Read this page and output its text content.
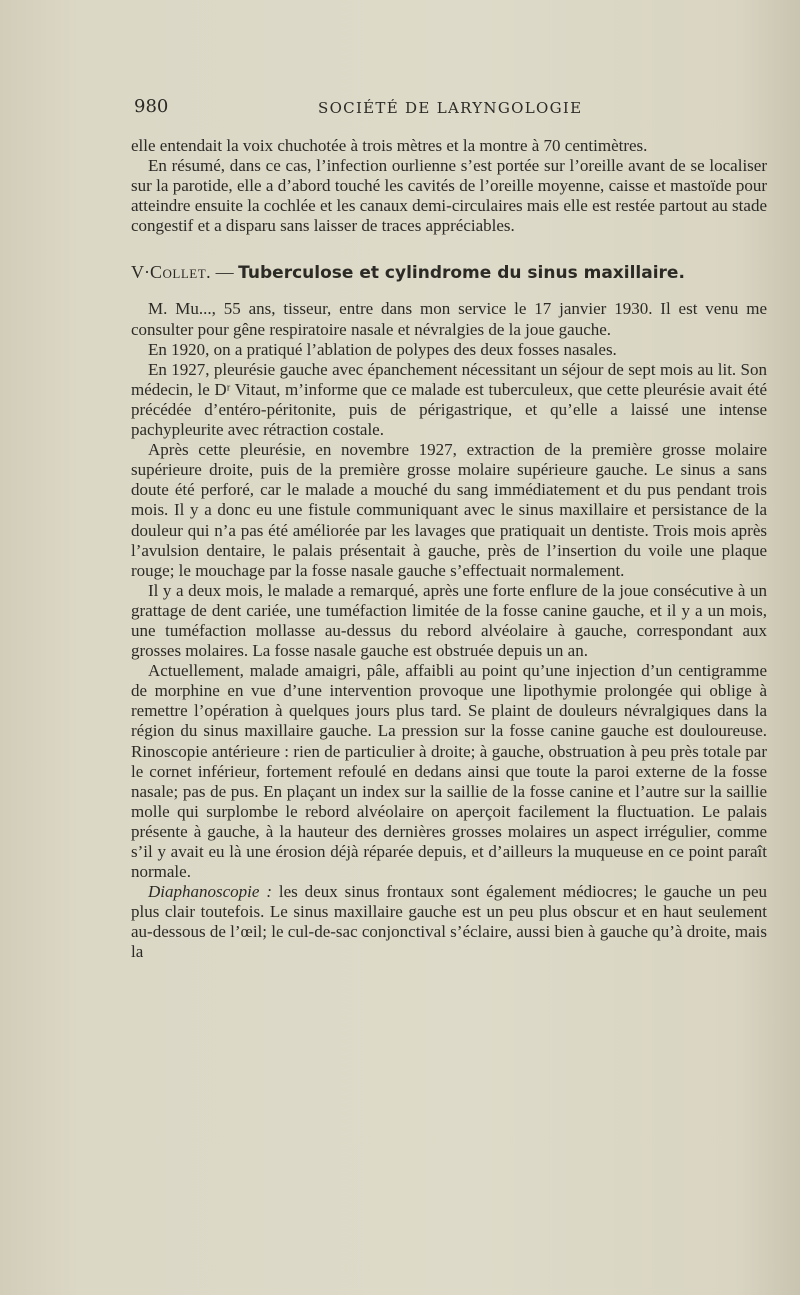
980	SOCIÉTÉ DE LARYNGOLOGIE

elle entendait la voix chuchotée à trois mètres et la montre à 70 centimètres.

En résumé, dans ce cas, l’infection ourlienne s’est portée sur l’oreille avant de se localiser sur la parotide, elle a d’abord touché les cavités de l’oreille moyenne, caisse et mastoïde pour atteindre ensuite la cochlée et les canaux demi-circulaires mais elle est restée partout au stade congestif et a disparu sans laisser de traces appréciables.

V·Collet. — Tuberculose et cylindrome du sinus maxillaire.

M. Mu..., 55 ans, tisseur, entre dans mon service le 17 janvier 1930. Il est venu me consulter pour gêne respiratoire nasale et névralgies de la joue gauche.

En 1920, on a pratiqué l’ablation de polypes des deux fosses nasales.

En 1927, pleurésie gauche avec épanchement nécessitant un séjour de sept mois au lit. Son médecin, le Dʳ Vitaut, m’informe que ce malade est tuberculeux, que cette pleurésie avait été précédée d’entéro-péritonite, puis de périgastrique, et qu’elle a laissé une intense pachypleurite avec rétraction costale.

Après cette pleurésie, en novembre 1927, extraction de la première grosse molaire supérieure droite, puis de la première grosse molaire supérieure gauche. Le sinus a sans doute été perforé, car le malade a mouché du sang immédiatement et du pus pendant trois mois. Il y a donc eu une fistule communiquant avec le sinus maxillaire et persistance de la douleur qui n’a pas été améliorée par les lavages que pratiquait un dentiste. Trois mois après l’avulsion dentaire, le palais présentait à gauche, près de l’insertion du voile une plaque rouge; le mouchage par la fosse nasale gauche s’effectuait normalement.

Il y a deux mois, le malade a remarqué, après une forte enflure de la joue consécutive à un grattage de dent cariée, une tuméfaction limitée de la fosse canine gauche, et il y a un mois, une tuméfaction mollasse au-dessus du rebord alvéolaire à gauche, correspondant aux grosses molaires. La fosse nasale gauche est obstruée depuis un an.

Actuellement, malade amaigri, pâle, affaibli au point qu’une injection d’un centigramme de morphine en vue d’une intervention provoque une lipothymie prolongée qui oblige à remettre l’opération à quelques jours plus tard. Se plaint de douleurs névralgiques dans la région du sinus maxillaire gauche. La pression sur la fosse canine gauche est douloureuse. Rinoscopie antérieure : rien de particulier à droite; à gauche, obstruation à peu près totale par le cornet inférieur, fortement refoulé en dedans ainsi que toute la paroi externe de la fosse nasale; pas de pus. En plaçant un index sur la saillie de la fosse canine et l’autre sur la saillie molle qui surplombe le rebord alvéolaire on aperçoit facilement la fluctuation. Le palais présente à gauche, à la hauteur des dernières grosses molaires un aspect irrégulier, comme s’il y avait eu là une érosion déjà réparée depuis, et d’ailleurs la muqueuse en ce point paraît normale.

Diaphanoscopie : les deux sinus frontaux sont également médiocres; le gauche un peu plus clair toutefois. Le sinus maxillaire gauche est un peu plus obscur et en haut seulement au-dessous de l’œil; le cul-de-sac conjonctival s’éclaire, aussi bien à gauche qu’à droite, mais la
